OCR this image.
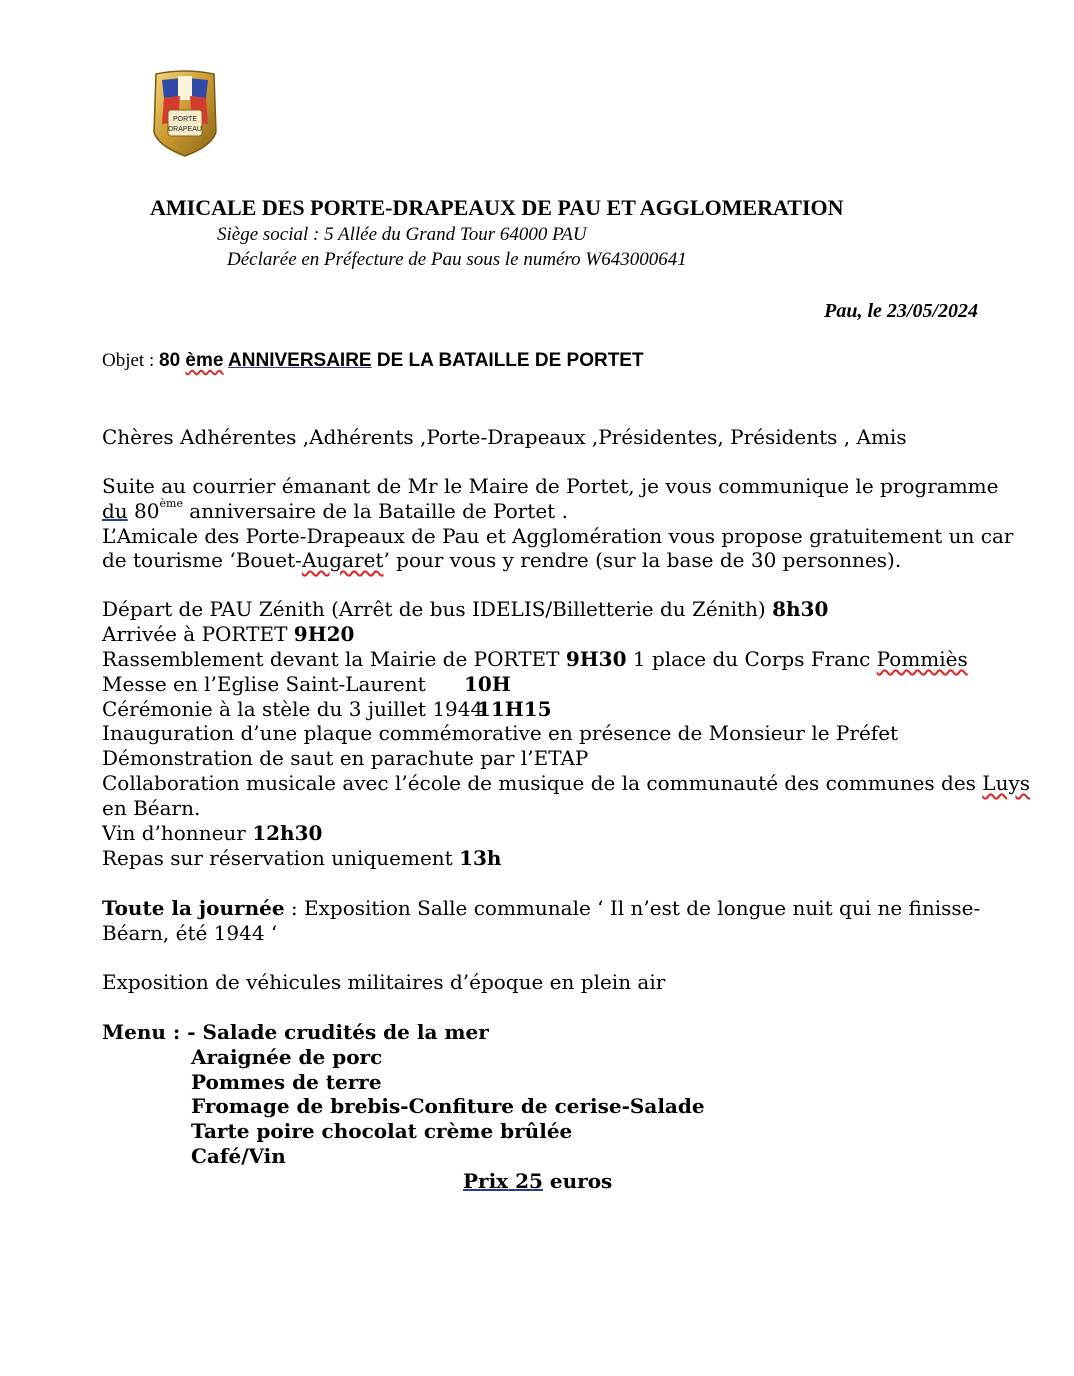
PORTE
DRAPEAU
AMICALE DES PORTE-DRAPEAUX DE PAU ET AGGLOMERATION
Siège social : 5 Allée du Grand Tour 64000 PAU
Déclarée en Préfecture de Pau sous le numéro W643000641
Pau, le 23/05/2024
Objet : 80 ème ANNIVERSAIRE DE LA BATAILLE DE PORTET
Chères Adhérentes ,Adhérents ,Porte-Drapeaux ,Présidentes, Présidents , Amis
Suite au courrier émanant de Mr le Maire de Portet, je vous communique le programme
du 80ème anniversaire de la Bataille de Portet .
L’Amicale des Porte-Drapeaux de Pau et Agglomération vous propose gratuitement un car
de tourisme ‘Bouet-Augaret’ pour vous y rendre (sur la base de 30 personnes).
Départ de PAU Zénith (Arrêt de bus IDELIS/Billetterie du Zénith) 8h30
Arrivée à PORTET 9H20
Rassemblement devant la Mairie de PORTET 9H30 1 place du Corps Franc Pommiès
Messe en l’Eglise Saint-Laurent 10H
Cérémonie à la stèle du 3 juillet 1944
11H15
Inauguration d’une plaque commémorative en présence de Monsieur le Préfet
Démonstration de saut en parachute par l’ETAP
Collaboration musicale avec l’école de musique de la communauté des communes des Luys
en Béarn.
Vin d’honneur 12h30
Repas sur réservation uniquement 13h
Toute la journée : Exposition Salle communale ‘ Il n’est de longue nuit qui ne finisse-
Béarn, été 1944 ‘
Exposition de véhicules militaires d’époque en plein air
Menu : - Salade crudités de la mer
Araignée de porc
Pommes de terre
Fromage de brebis-Confiture de cerise-Salade
Tarte poire chocolat crème brûlée
Café/Vin
Prix 25 euros
